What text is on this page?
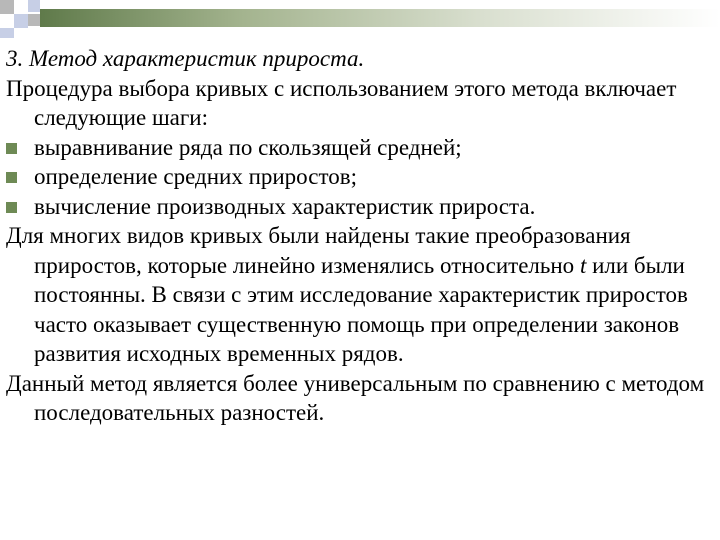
3. Метод характеристик прироста.

Процедура выбора кривых с использованием этого метода включает следующие шаги:

выравнивание ряда по скользящей средней;

определение средних приростов;

вычисление производных характеристик прироста.

Для многих видов кривых были найдены такие преобразования приростов, которые линейно изменялись относительно t или были постоянны. В связи с этим исследование характеристик приростов часто оказывает существенную помощь при определении законов развития исходных временных рядов.

Данный метод является более универсальным по сравнению с методом последовательных разностей.
